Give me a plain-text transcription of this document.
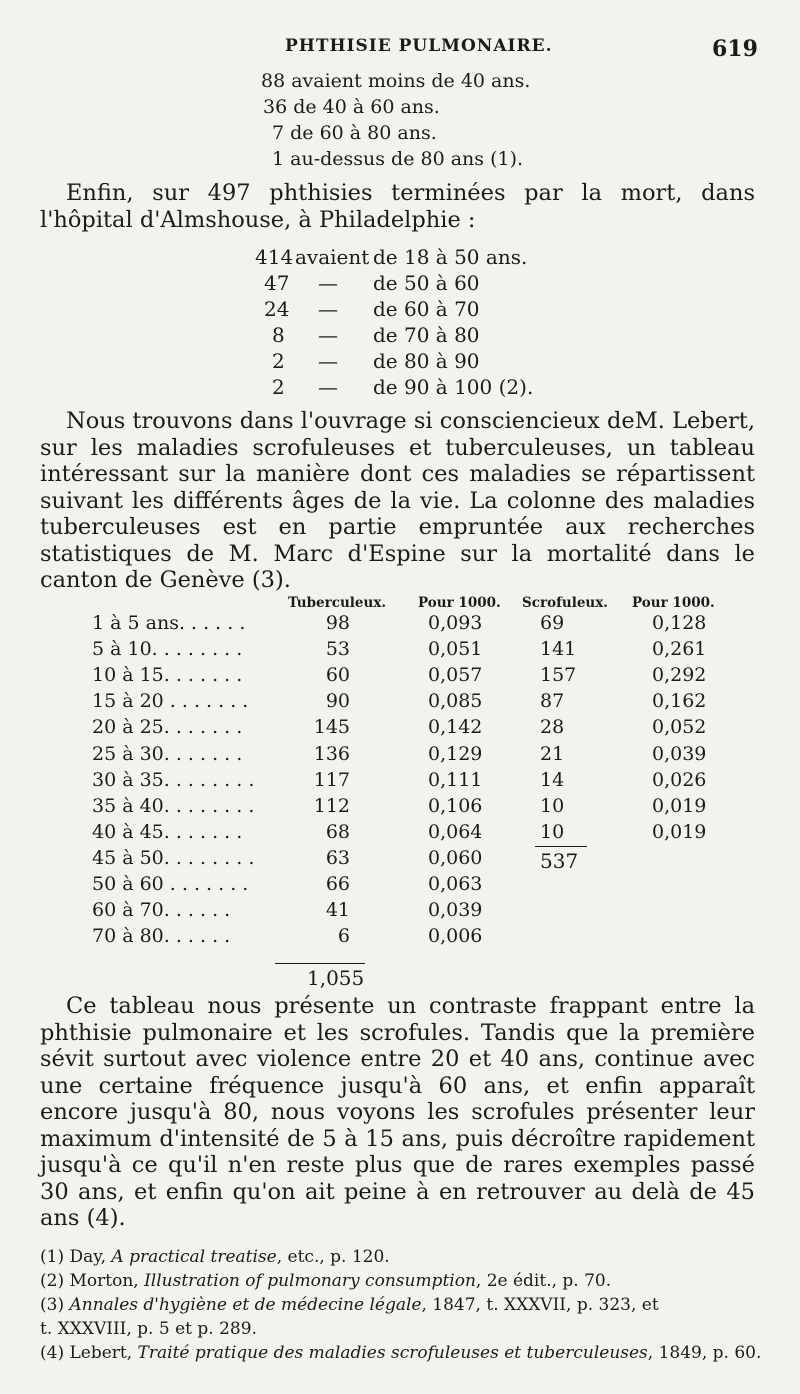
PHTHISIE PULMONAIRE.	619
88 avaient moins de 40 ans.
36 de 40 à 60 ans.
7 de 60 à 80 ans.
1 au-dessus de 80 ans (1).

Enfin, sur 497 phthisies terminées par la mort, dans l'hôpital d'Almshouse, à Philadelphie :

414 avaient de 18 à 50 ans.
47 — de 50 à 60
24 — de 60 à 70
8 — de 70 à 80
2 — de 80 à 90
2 — de 90 à 100 (2).

Nous trouvons dans l'ouvrage si consciencieux deM. Lebert, sur les maladies scrofuleuses et tuberculeuses, un tableau intéressant sur la manière dont ces maladies se répartissent suivant les différents âges de la vie. La colonne des maladies tuberculeuses est en partie empruntée aux recherches statistiques de M. Marc d'Espine sur la mortalité dans le canton de Genève (3).

Tuberculeux. Pour 1000. Scrofuleux. Pour 1000.
1 à 5 ans. . . . . .	98	0,093	69	0,128
5 à 10. . . . . . . .	53	0,051	141	0,261
10 à 15. . . . . . .	60	0,057	157	0,292
15 à 20 . . . . . . .	90	0,085	87	0,162
20 à 25. . . . . . .	145	0,142	28	0,052
25 à 30. . . . . . .	136	0,129	21	0,039
30 à 35. . . . . . . .	117	0,111	14	0,026
35 à 40. . . . . . . .	112	0,106	10	0,019
40 à 45. . . . . . .	68	0,064	10	0,019
45 à 50. . . . . . . .	63	0,060
50 à 60 . . . . . . .	66	0,063
60 à 70. . . . . .	41	0,039
70 à 80. . . . . .	6	0,006
1,055
537

Ce tableau nous présente un contraste frappant entre la phthisie pulmonaire et les scrofules. Tandis que la première sévit surtout avec violence entre 20 et 40 ans, continue avec une certaine fréquence jusqu'à 60 ans, et enfin apparaît encore jusqu'à 80, nous voyons les scrofules présenter leur maximum d'intensité de 5 à 15 ans, puis décroître rapidement jusqu'à ce qu'il n'en reste plus que de rares exemples passé 30 ans, et enfin qu'on ait peine à en retrouver au delà de 45 ans (4).

(1) Day, A practical treatise, etc., p. 120.
(2) Morton, Illustration of pulmonary consumption, 2e édit., p. 70.
(3) Annales d'hygiène et de médecine légale, 1847, t. XXXVII, p. 323, et
t. XXXVIII, p. 5 et p. 289.
(4) Lebert, Traité pratique des maladies scrofuleuses et tuberculeuses, 1849, p. 60.
